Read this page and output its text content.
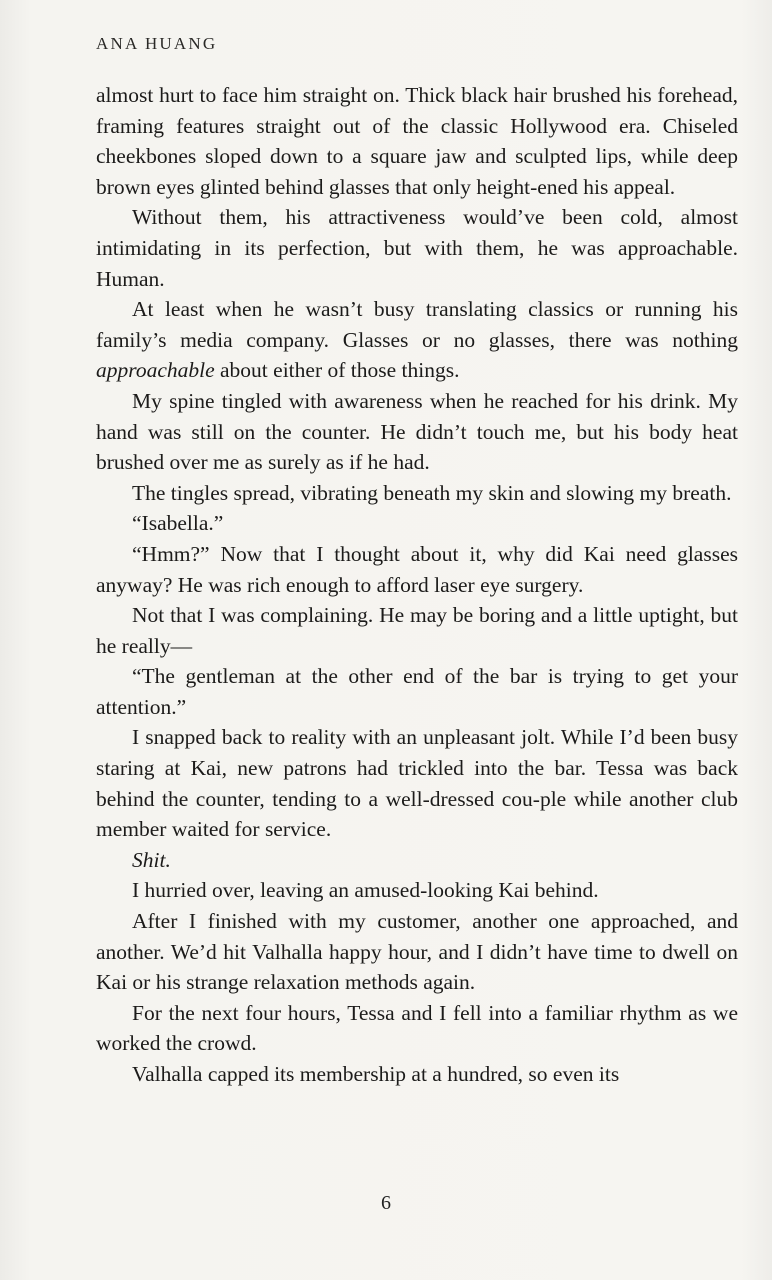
ANA HUANG

almost hurt to face him straight on. Thick black hair brushed his forehead, framing features straight out of the classic Hollywood era. Chiseled cheekbones sloped down to a square jaw and sculpted lips, while deep brown eyes glinted behind glasses that only height-ened his appeal.

Without them, his attractiveness would’ve been cold, almost intimidating in its perfection, but with them, he was approachable. Human.

At least when he wasn’t busy translating classics or running his family’s media company. Glasses or no glasses, there was nothing approachable about either of those things.

My spine tingled with awareness when he reached for his drink. My hand was still on the counter. He didn’t touch me, but his body heat brushed over me as surely as if he had.

The tingles spread, vibrating beneath my skin and slowing my breath.

“Isabella.”

“Hmm?” Now that I thought about it, why did Kai need glasses anyway? He was rich enough to afford laser eye surgery.

Not that I was complaining. He may be boring and a little uptight, but he really—

“The gentleman at the other end of the bar is trying to get your attention.”

I snapped back to reality with an unpleasant jolt. While I’d been busy staring at Kai, new patrons had trickled into the bar. Tessa was back behind the counter, tending to a well-dressed cou-ple while another club member waited for service.

Shit.

I hurried over, leaving an amused-looking Kai behind.

After I finished with my customer, another one approached, and another. We’d hit Valhalla happy hour, and I didn’t have time to dwell on Kai or his strange relaxation methods again.

For the next four hours, Tessa and I fell into a familiar rhythm as we worked the crowd.

Valhalla capped its membership at a hundred, so even its

6
